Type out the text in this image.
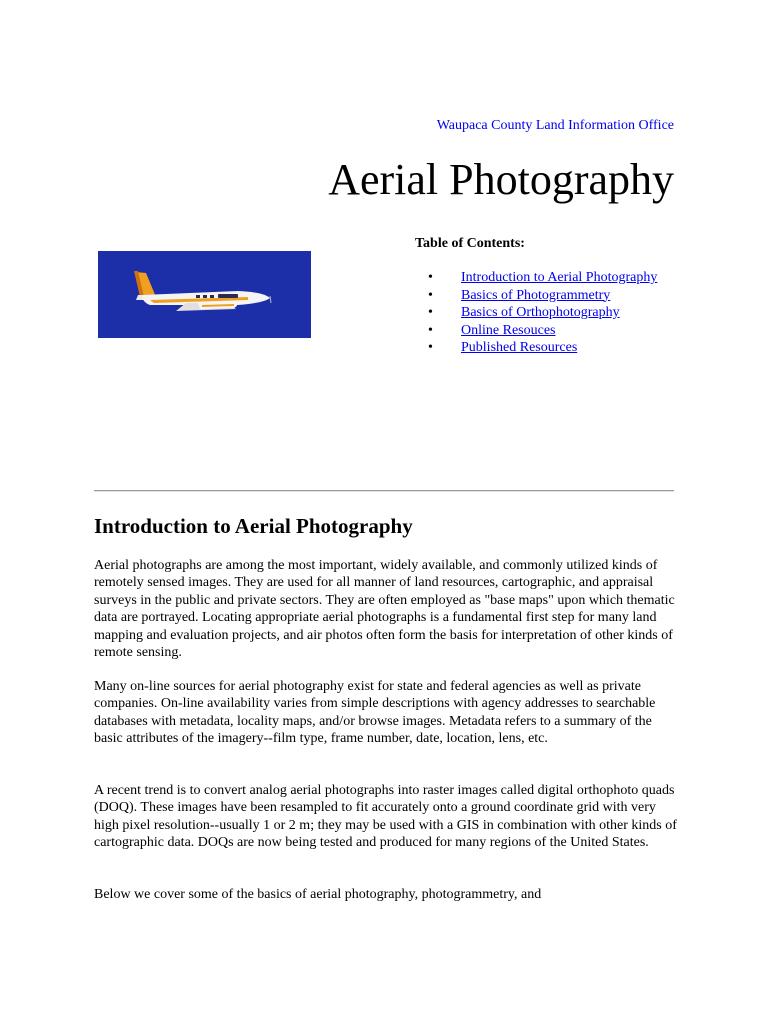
Waupaca County Land Information Office
Aerial Photography
Table of Contents:
• Introduction to Aerial Photography
• Basics of Photogrammetry
• Basics of Orthophotography
• Online Resouces
• Published Resources
Introduction to Aerial Photography

Aerial photographs are among the most important, widely available, and commonly utilized kinds of remotely sensed images. They are used for all manner of land resources, cartographic, and appraisal surveys in the public and private sectors. They are often employed as "base maps" upon which thematic data are portrayed. Locating appropriate aerial photographs is a fundamental first step for many land mapping and evaluation projects, and air photos often form the basis for interpretation of other kinds of remote sensing.

Many on-line sources for aerial photography exist for state and federal agencies as well as private companies. On-line availability varies from simple descriptions with agency addresses to searchable databases with metadata, locality maps, and/or browse images. Metadata refers to a summary of the basic attributes of the imagery--film type, frame number, date, location, lens, etc.

A recent trend is to convert analog aerial photographs into raster images called digital orthophoto quads (DOQ). These images have been resampled to fit accurately onto a ground coordinate grid with very high pixel resolution--usually 1 or 2 m; they may be used with a GIS in combination with other kinds of cartographic data. DOQs are now being tested and produced for many regions of the United States.

Below we cover some of the basics of aerial photography, photogrammetry, and
